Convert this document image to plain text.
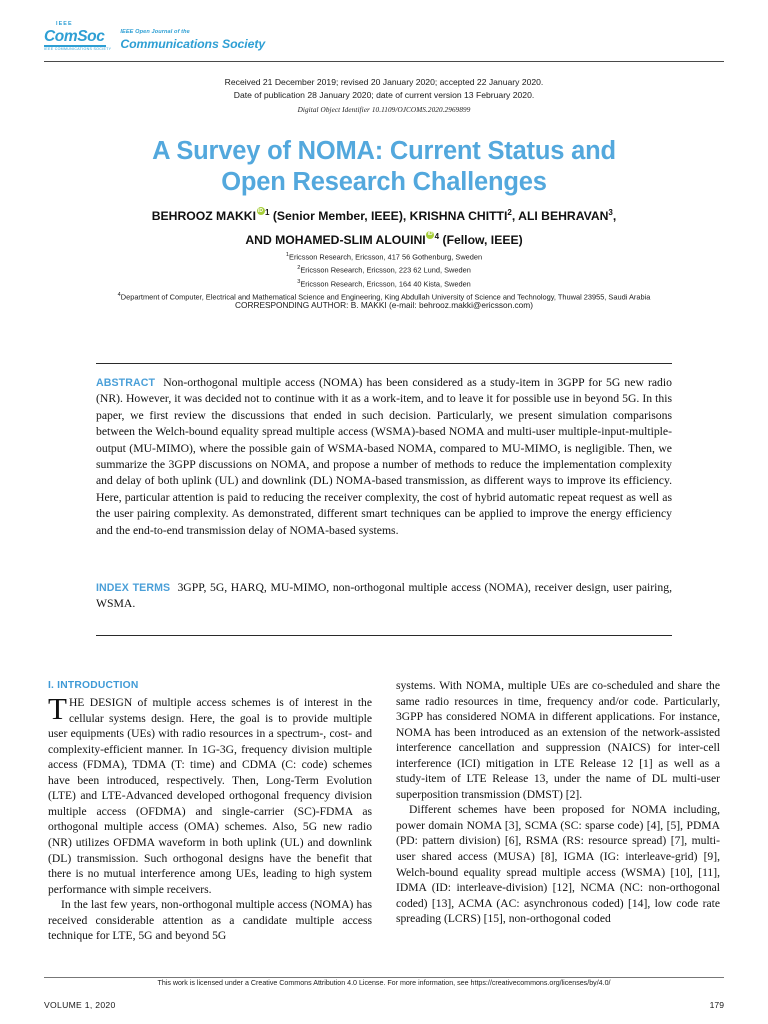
IEEE
ComSoc
IEEE COMMUNICATIONS SOCIETY
IEEE Open Journal of the
Communications Society
Received 21 December 2019; revised 20 January 2020; accepted 22 January 2020.
Date of publication 28 January 2020; date of current version 13 February 2020.
Digital Object Identifier 10.1109/OJCOMS.2020.2969899
A Survey of NOMA: Current Status and
Open Research Challenges
BEHROOZ MAKKI iD $^1$ (Senior Member, IEEE), KRISHNA CHITTI$^2$, ALI BEHRAVAN$^3$,
AND MOHAMED-SLIM ALOUINI iD $^4$ (Fellow, IEEE)
$^1$Ericsson Research, Ericsson, 417 56 Gothenburg, Sweden
$^2$Ericsson Research, Ericsson, 223 62 Lund, Sweden
$^3$Ericsson Research, Ericsson, 164 40 Kista, Sweden
$^4$Department of Computer, Electrical and Mathematical Science and Engineering, King Abdullah University of Science and Technology, Thuwal 23955, Saudi Arabia
CORRESPONDING AUTHOR: B. MAKKI (e-mail: behrooz.makki@ericsson.com)
ABSTRACT Non-orthogonal multiple access (NOMA) has been considered as a study-item in 3GPP for 5G new radio (NR). However, it was decided not to continue with it as a work-item, and to leave it for possible use in beyond 5G. In this paper, we first review the discussions that ended in such decision. Particularly, we present simulation comparisons between the Welch-bound equality spread multiple access (WSMA)-based NOMA and multi-user multiple-input-multiple-output (MU-MIMO), where the possible gain of WSMA-based NOMA, compared to MU-MIMO, is negligible. Then, we summarize the 3GPP discussions on NOMA, and propose a number of methods to reduce the implementation complexity and delay of both uplink (UL) and downlink (DL) NOMA-based transmission, as different ways to improve its efficiency. Here, particular attention is paid to reducing the receiver complexity, the cost of hybrid automatic repeat request as well as the user pairing complexity. As demonstrated, different smart techniques can be applied to improve the energy efficiency and the end-to-end transmission delay of NOMA-based systems.
INDEX TERMS 3GPP, 5G, HARQ, MU-MIMO, non-orthogonal multiple access (NOMA), receiver design, user pairing, WSMA.
I. INTRODUCTION

THE DESIGN of multiple access schemes is of interest in the cellular systems design. Here, the goal is to provide multiple user equipments (UEs) with radio resources in a spectrum-, cost- and complexity-efficient manner. In 1G-3G, frequency division multiple access (FDMA), TDMA (T: time) and CDMA (C: code) schemes have been introduced, respectively. Then, Long-Term Evolution (LTE) and LTE-Advanced developed orthogonal frequency division multiple access (OFDMA) and single-carrier (SC)-FDMA as orthogonal multiple access (OMA) schemes. Also, 5G new radio (NR) utilizes OFDMA waveform in both uplink (UL) and downlink (DL) transmission. Such orthogonal designs have the benefit that there is no mutual interference among UEs, leading to high system performance with simple receivers.

In the last few years, non-orthogonal multiple access (NOMA) has received considerable attention as a candidate multiple access technique for LTE, 5G and beyond 5G

systems. With NOMA, multiple UEs are co-scheduled and share the same radio resources in time, frequency and/or code. Particularly, 3GPP has considered NOMA in different applications. For instance, NOMA has been introduced as an extension of the network-assisted interference cancellation and suppression (NAICS) for inter-cell interference (ICI) mitigation in LTE Release 12 [1] as well as a study-item of LTE Release 13, under the name of DL multi-user superposition transmission (DMST) [2].

Different schemes have been proposed for NOMA including, power domain NOMA [3], SCMA (SC: sparse code) [4], [5], PDMA (PD: pattern division) [6], RSMA (RS: resource spread) [7], multi-user shared access (MUSA) [8], IGMA (IG: interleave-grid) [9], Welch-bound equality spread multiple access (WSMA) [10], [11], IDMA (ID: interleave-division) [12], NCMA (NC: non-orthogonal coded) [13], ACMA (AC: asynchronous coded) [14], low code rate spreading (LCRS) [15], non-orthogonal coded

This work is licensed under a Creative Commons Attribution 4.0 License. For more information, see https://creativecommons.org/licenses/by/4.0/
VOLUME 1, 2020	179
